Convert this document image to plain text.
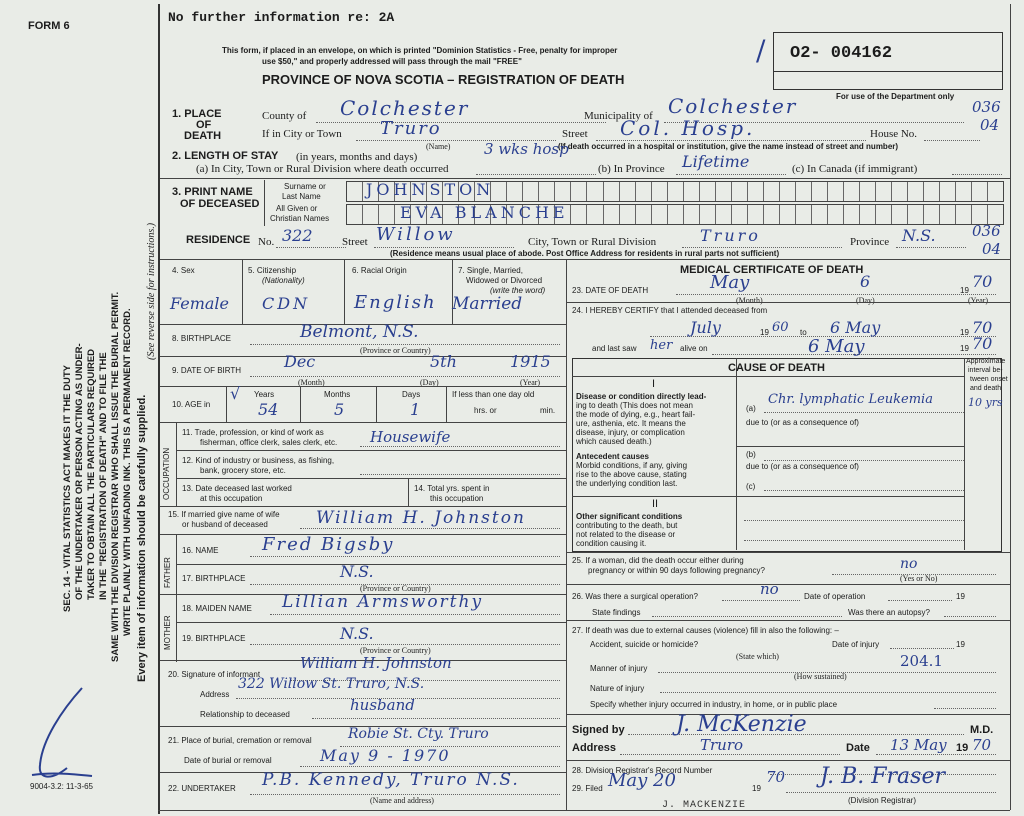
FORM 6
SEC. 14 - VITAL STATISTICS ACT MAKES IT THE DUTY OF THE UNDERTAKER OR PERSON ACTING AS UNDER- TAKER TO OBTAIN ALL THE PARTICULARS REQUIRED IN THE "REGISTRATION OF DEATH" AND TO FILE THE SAME WITH THE DIVISION REGISTRAR WHO SHALL ISSUE THE BURIAL PERMIT. WRITE PLAINLY WITH UNFADING INK. THIS IS A PERMANENT RECORD. Every item of information should be carefully supplied.
(See reverse side for instructions.)
9004-3.2: 11-3-65
No further information re: 2A
This form, if placed in an envelope, on which is printed "Dominion Statistics - Free, penalty for improper
use $50," and properly addressed will pass through the mail "FREE"
PROVINCE OF NOVA SCOTIA – REGISTRATION OF DEATH
/ O2- 004162
For use of the Department only
1. PLACE
OF
DEATH
County of Colchester	Municipality of Colchester	036
04
If in City or Town Truro
(Name)
Street Col. Hosp.	House No.
(If death occurred in a hospital or institution, give the name instead of street and number)
2. LENGTH OF STAY (in years, months and days)	3 wks hosp
(a) In City, Town or Rural Division where death occurred	(b) In Province Lifetime	(c) In Canada (if immigrant)
3. PRINT NAME
OF DECEASED
Surname or
Last Name
All Given or
Christian Names
JOHNSTON
EVA BLANCHE
RESIDENCE No. 322	Street Willow	City, Town or Rural Division	Truro	Province N.S. 036
04
(Residence means usual place of abode. Post Office Address for residents in rural parts not sufficient)
4. Sex
Female
5. Citizenship
(Nationality)
CDN
6. Racial Origin
English
7. Single, Married,
Widowed or Divorced
(write the word)
Married
8. BIRTHPLACE	Belmont, N.S.
(Province or Country)
9. DATE OF BIRTH	Dec	5th	1915
(Month)	(Day)	(Year)
10. AGE in
√ Years	Months	Days
54	5	1
If less than one day old
hrs. or	min.
OCCUPATION
11. Trade, profession, or kind of work as
fisherman, office clerk, sales clerk, etc. Housewife
12. Kind of industry or business, as fishing,
bank, grocery store, etc.
13. Date deceased last worked
at this occupation
14. Total yrs. spent in
this occupation
15. If married give name of wife
or husband of deceased	William H. Johnston
FATHER
16. NAME Fred Bigsby
17. BIRTHPLACE	N.S.
(Province or Country)
MOTHER
18. MAIDEN NAME Lillian Armsworthy
19. BIRTHPLACE	N.S.
(Province or Country)
20. Signature of informant
William H. Johnston
Address
322 Willow St. Truro, N.S.
Relationship to deceased
husband
21. Place of burial, cremation or removal	Robie St. Cty. Truro
Date of burial or removal	May 9 - 1970
22. UNDERTAKER P.B. Kennedy, Truro N.S.
(Name and address)
MEDICAL CERTIFICATE OF DEATH
23. DATE OF DEATH	May	6	19 70
(Month)	(Day)	(Year)
24. I HEREBY CERTIFY that I attended deceased from
July	19 60 to 6 May	19 70
and last saw her alive on	6 May	19 70
CAUSE OF DEATH
Approximate
interval be-
tween onset
and death
I
Disease or condition directly lead-
ing to death (This does not mean
the mode of dying, e.g., heart fail-
ure, asthenia, etc. It means the
disease, injury, or complication
which caused death.)
(a)
Chr. lymphatic Leukemia	10 yrs
due to (or as a consequence of)
Antecedent causes
Morbid conditions, if any, giving
rise to the above cause, stating
the underlying condition last.
(b)
due to (or as a consequence of)
(c)
II
Other significant conditions
contributing to the death, but
not related to the disease or
condition causing it.
25. If a woman, did the death occur either during
pregnancy or within 90 days following pregnancy?	no
(Yes or No)
26. Was there a surgical operation?	no	Date of operation	19
State findings	Was there an autopsy?
27. If death was due to external causes (violence) fill in also the following: –
Accident, suicide or homicide?
(State which)
Date of injury	19
Manner of injury	204.1
(How sustained)
Nature of injury
Specify whether injury occurred in industry, in home, or in public place
Signed by J. McKenzie	M.D.
Address	Truro	Date 13 May 19 70
28. Division Registrar's Record Number
29. Filed May 20	19
70 J. B. Fraser
(Division Registrar)
J. MACKENZIE
